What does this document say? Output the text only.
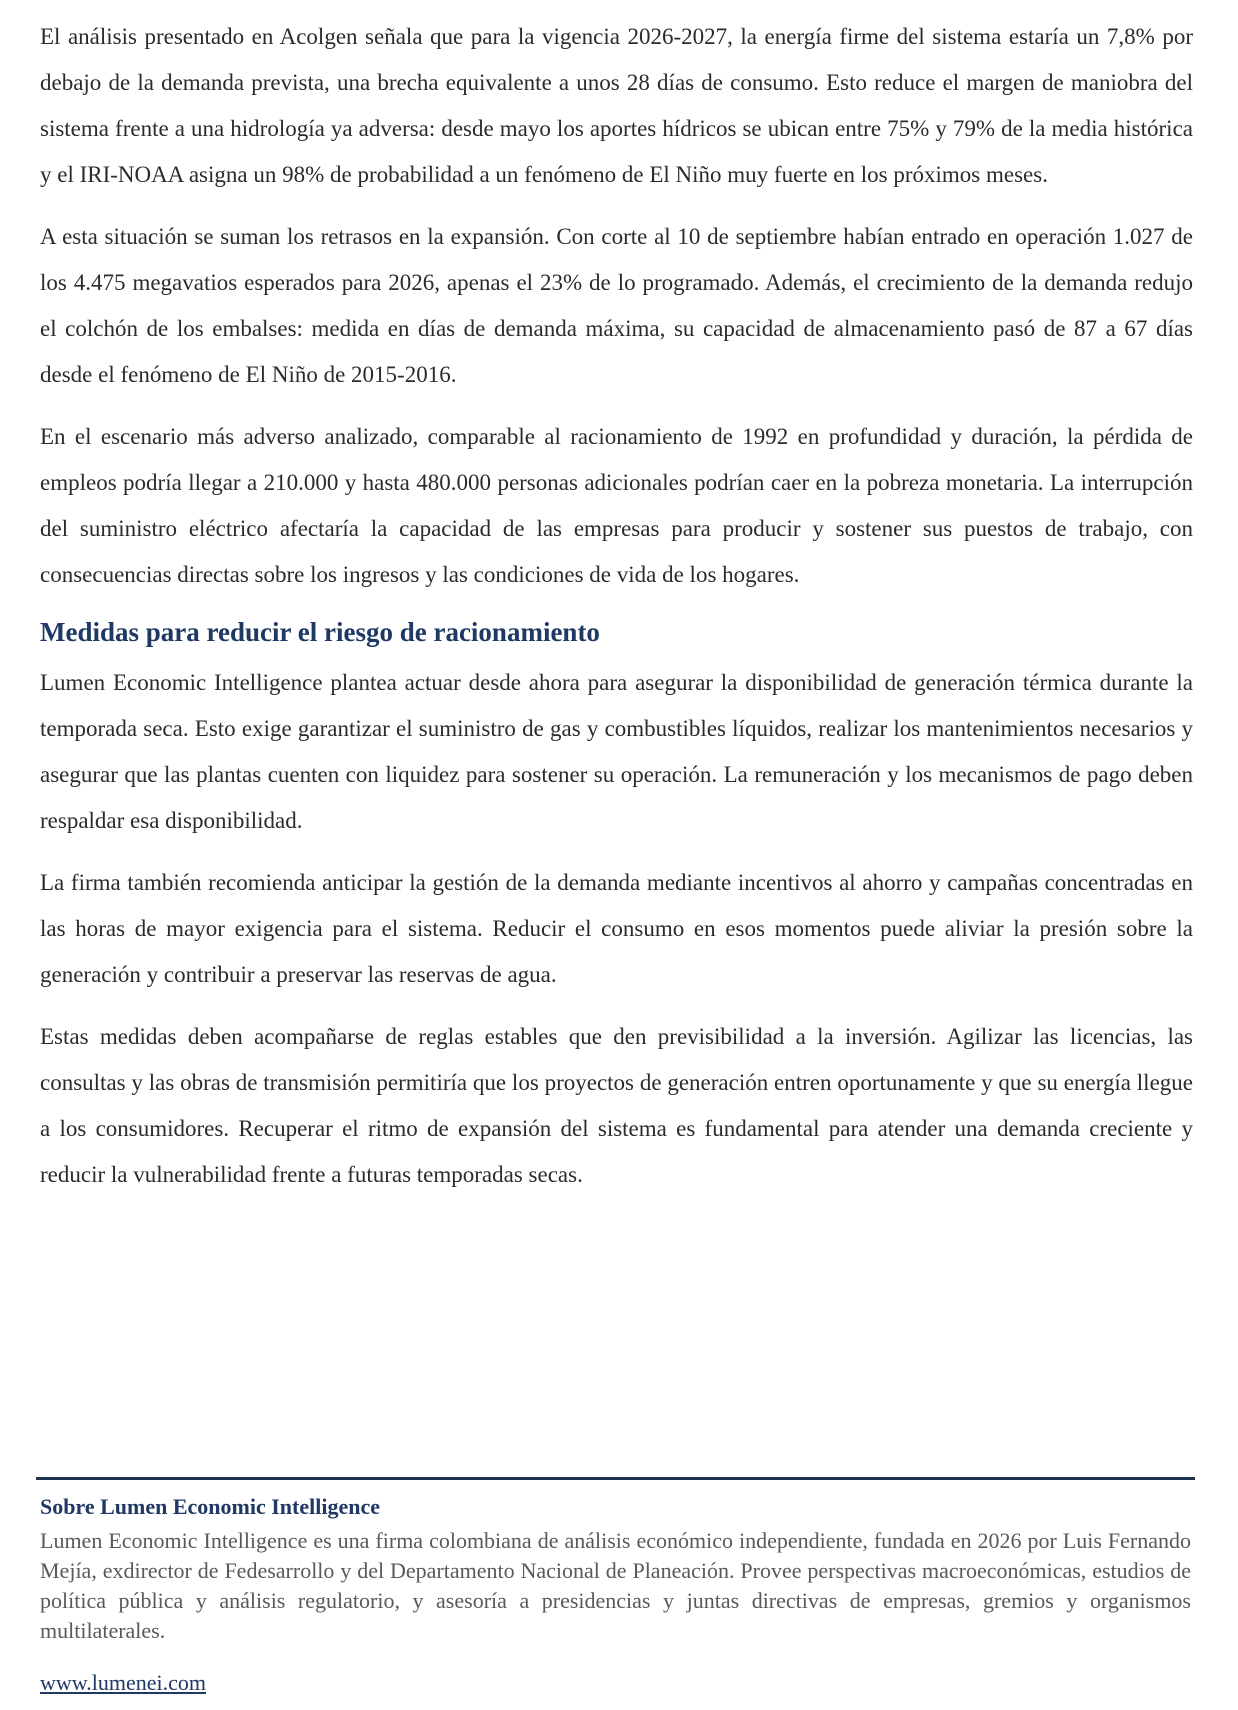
El análisis presentado en Acolgen señala que para la vigencia 2026-2027, la energía firme del sistema estaría un 7,8% por debajo de la demanda prevista, una brecha equivalente a unos 28 días de consumo. Esto reduce el margen de maniobra del sistema frente a una hidrología ya adversa: desde mayo los aportes hídricos se ubican entre 75% y 79% de la media histórica y el IRI-NOAA asigna un 98% de probabilidad a un fenómeno de El Niño muy fuerte en los próximos meses.

A esta situación se suman los retrasos en la expansión. Con corte al 10 de septiembre habían entrado en operación 1.027 de los 4.475 megavatios esperados para 2026, apenas el 23% de lo programado. Además, el crecimiento de la demanda redujo el colchón de los embalses: medida en días de demanda máxima, su capacidad de almacenamiento pasó de 87 a 67 días desde el fenómeno de El Niño de 2015-2016.

En el escenario más adverso analizado, comparable al racionamiento de 1992 en profundidad y duración, la pérdida de empleos podría llegar a 210.000 y hasta 480.000 personas adicionales podrían caer en la pobreza monetaria. La interrupción del suministro eléctrico afectaría la capacidad de las empresas para producir y sostener sus puestos de trabajo, con consecuencias directas sobre los ingresos y las condiciones de vida de los hogares.

Medidas para reducir el riesgo de racionamiento

Lumen Economic Intelligence plantea actuar desde ahora para asegurar la disponibilidad de generación térmica durante la temporada seca. Esto exige garantizar el suministro de gas y combustibles líquidos, realizar los mantenimientos necesarios y asegurar que las plantas cuenten con liquidez para sostener su operación. La remuneración y los mecanismos de pago deben respaldar esa disponibilidad.

La firma también recomienda anticipar la gestión de la demanda mediante incentivos al ahorro y campañas concentradas en las horas de mayor exigencia para el sistema. Reducir el consumo en esos momentos puede aliviar la presión sobre la generación y contribuir a preservar las reservas de agua.

Estas medidas deben acompañarse de reglas estables que den previsibilidad a la inversión. Agilizar las licencias, las consultas y las obras de transmisión permitiría que los proyectos de generación entren oportunamente y que su energía llegue a los consumidores. Recuperar el ritmo de expansión del sistema es fundamental para atender una demanda creciente y reducir la vulnerabilidad frente a futuras temporadas secas.

Sobre Lumen Economic Intelligence
Lumen Economic Intelligence es una firma colombiana de análisis económico independiente, fundada en 2026 por Luis Fernando Mejía, exdirector de Fedesarrollo y del Departamento Nacional de Planeación. Provee perspectivas macroeconómicas, estudios de política pública y análisis regulatorio, y asesoría a presidencias y juntas directivas de empresas, gremios y organismos multilaterales.
www.lumenei.com
